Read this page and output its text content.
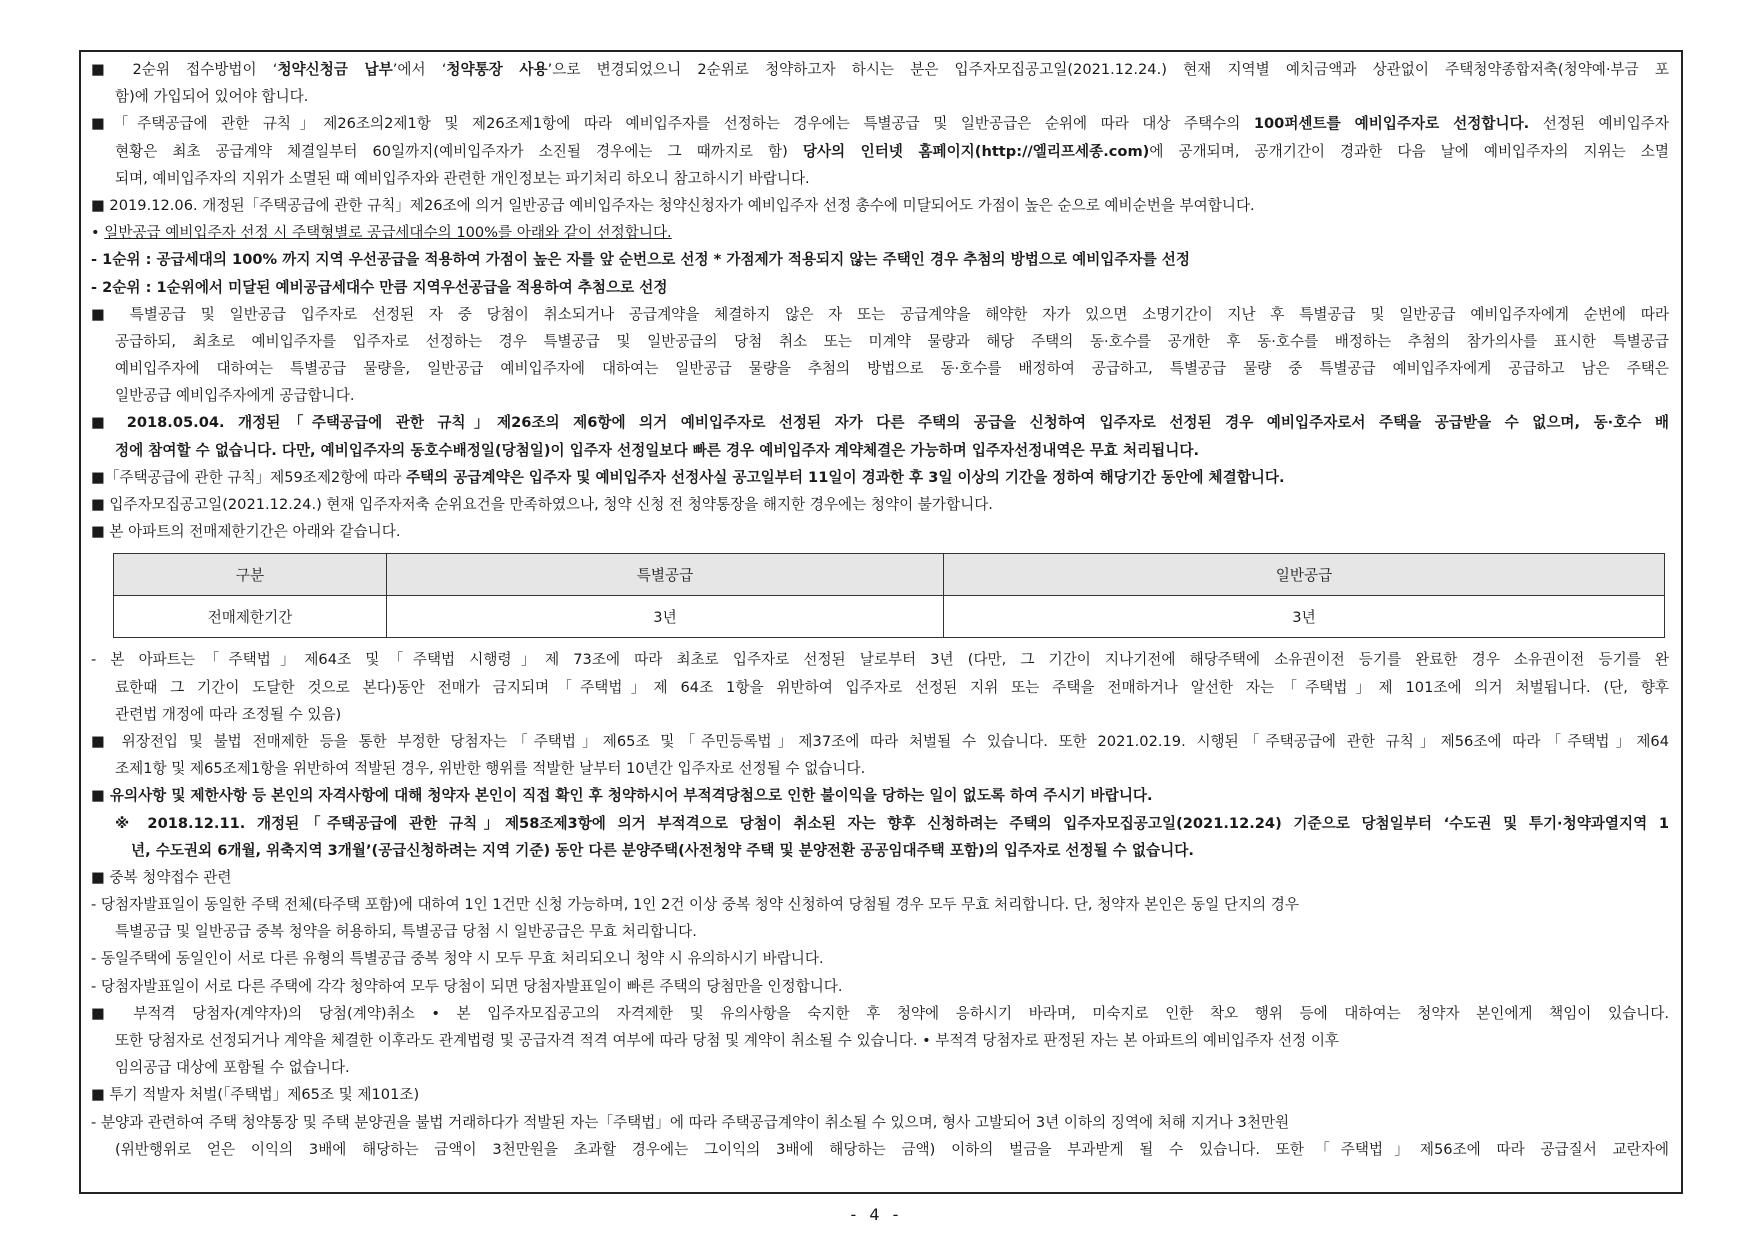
■ 2순위 접수방법이 ‘청약신청금 납부’에서 ‘청약통장 사용’으로 변경되었으니 2순위로 청약하고자 하시는 분은 입주자모집공고일(2021.12.24.) 현재 지역별 예치금액과 상관없이 주택청약종합저축(청약예·부금 포
함)에 가입되어 있어야 합니다.
■「주택공급에 관한 규칙」제26조의2제1항 및 제26조제1항에 따라 예비입주자를 선정하는 경우에는 특별공급 및 일반공급은 순위에 따라 대상 주택수의 100퍼센트를 예비입주자로 선정합니다. 선정된 예비입주자
현황은 최초 공급계약 체결일부터 60일까지(예비입주자가 소진될 경우에는 그 때까지로 함) 당사의 인터넷 홈페이지(http://엘리프세종.com)에 공개되며, 공개기간이 경과한 다음 날에 예비입주자의 지위는 소멸
되며, 예비입주자의 지위가 소멸된 때 예비입주자와 관련한 개인정보는 파기처리 하오니 참고하시기 바랍니다.
■ 2019.12.06. 개정된「주택공급에 관한 규칙」제26조에 의거 일반공급 예비입주자는 청약신청자가 예비입주자 선정 총수에 미달되어도 가점이 높은 순으로 예비순번을 부여합니다.
• 일반공급 예비입주자 선정 시 주택형별로 공급세대수의 100%를 아래와 같이 선정합니다.
- 1순위 : 공급세대의 100% 까지 지역 우선공급을 적용하여 가점이 높은 자를 앞 순번으로 선정 * 가점제가 적용되지 않는 주택인 경우 추첨의 방법으로 예비입주자를 선정
- 2순위 : 1순위에서 미달된 예비공급세대수 만큼 지역우선공급을 적용하여 추첨으로 선정
■ 특별공급 및 일반공급 입주자로 선정된 자 중 당첨이 취소되거나 공급계약을 체결하지 않은 자 또는 공급계약을 해약한 자가 있으면 소명기간이 지난 후 특별공급 및 일반공급 예비입주자에게 순번에 따라
공급하되, 최초로 예비입주자를 입주자로 선정하는 경우 특별공급 및 일반공급의 당첨 취소 또는 미계약 물량과 해당 주택의 동·호수를 공개한 후 동·호수를 배정하는 추첨의 참가의사를 표시한 특별공급
예비입주자에 대하여는 특별공급 물량을, 일반공급 예비입주자에 대하여는 일반공급 물량을 추첨의 방법으로 동·호수를 배정하여 공급하고, 특별공급 물량 중 특별공급 예비입주자에게 공급하고 남은 주택은
일반공급 예비입주자에게 공급합니다.
■ 2018.05.04. 개정된「주택공급에 관한 규칙」제26조의 제6항에 의거 예비입주자로 선정된 자가 다른 주택의 공급을 신청하여 입주자로 선정된 경우 예비입주자로서 주택을 공급받을 수 없으며, 동·호수 배
정에 참여할 수 없습니다. 다만, 예비입주자의 동호수배정일(당첨일)이 입주자 선정일보다 빠른 경우 예비입주자 계약체결은 가능하며 입주자선정내역은 무효 처리됩니다.
■「주택공급에 관한 규칙」제59조제2항에 따라 주택의 공급계약은 입주자 및 예비입주자 선정사실 공고일부터 11일이 경과한 후 3일 이상의 기간을 정하여 해당기간 동안에 체결합니다.
■ 입주자모집공고일(2021.12.24.) 현재 입주자저축 순위요건을 만족하였으나, 청약 신청 전 청약통장을 해지한 경우에는 청약이 불가합니다.
■ 본 아파트의 전매제한기간은 아래와 같습니다.
구분	특별공급	일반공급
전매제한기간	3년	3년
- 본 아파트는「주택법」제64조 및「주택법 시행령」제 73조에 따라 최초로 입주자로 선정된 날로부터 3년 (다만, 그 기간이 지나기전에 해당주택에 소유권이전 등기를 완료한 경우 소유권이전 등기를 완
료한때 그 기간이 도달한 것으로 본다)동안 전매가 금지되며「주택법」제 64조 1항을 위반하여 입주자로 선정된 지위 또는 주택을 전매하거나 알선한 자는「주택법」제 101조에 의거 처벌됩니다. (단, 향후
관련법 개정에 따라 조정될 수 있음)
■ 위장전입 및 불법 전매제한 등을 통한 부정한 당첨자는「주택법」제65조 및「주민등록법」제37조에 따라 처벌될 수 있습니다. 또한 2021.02.19. 시행된「주택공급에 관한 규칙」제56조에 따라「주택법」제64
조제1항 및 제65조제1항을 위반하여 적발된 경우, 위반한 행위를 적발한 날부터 10년간 입주자로 선정될 수 없습니다.
■ 유의사항 및 제한사항 등 본인의 자격사항에 대해 청약자 본인이 직접 확인 후 청약하시어 부적격당첨으로 인한 불이익을 당하는 일이 없도록 하여 주시기 바랍니다.
※ 2018.12.11. 개정된「주택공급에 관한 규칙」제58조제3항에 의거 부적격으로 당첨이 취소된 자는 향후 신청하려는 주택의 입주자모집공고일(2021.12.24) 기준으로 당첨일부터 ‘수도권 및 투기·청약과열지역 1
년, 수도권외 6개월, 위축지역 3개월’(공급신청하려는 지역 기준) 동안 다른 분양주택(사전청약 주택 및 분양전환 공공임대주택 포함)의 입주자로 선정될 수 없습니다.
■ 중복 청약접수 관련
- 당첨자발표일이 동일한 주택 전체(타주택 포함)에 대하여 1인 1건만 신청 가능하며, 1인 2건 이상 중복 청약 신청하여 당첨될 경우 모두 무효 처리합니다. 단, 청약자 본인은 동일 단지의 경우
특별공급 및 일반공급 중복 청약을 허용하되, 특별공급 당첨 시 일반공급은 무효 처리합니다.
- 동일주택에 동일인이 서로 다른 유형의 특별공급 중복 청약 시 모두 무효 처리되오니 청약 시 유의하시기 바랍니다.
- 당첨자발표일이 서로 다른 주택에 각각 청약하여 모두 당첨이 되면 당첨자발표일이 빠른 주택의 당첨만을 인정합니다.
■ 부적격 당첨자(계약자)의 당첨(계약)취소 • 본 입주자모집공고의 자격제한 및 유의사항을 숙지한 후 청약에 응하시기 바라며, 미숙지로 인한 착오 행위 등에 대하여는 청약자 본인에게 책임이 있습니다.
또한 당첨자로 선정되거나 계약을 체결한 이후라도 관계법령 및 공급자격 적격 여부에 따라 당첨 및 계약이 취소될 수 있습니다. • 부적격 당첨자로 판정된 자는 본 아파트의 예비입주자 선정 이후
임의공급 대상에 포함될 수 없습니다.
■ 투기 적발자 처벌(「주택법」제65조 및 제101조)
- 분양과 관련하여 주택 청약통장 및 주택 분양권을 불법 거래하다가 적발된 자는「주택법」에 따라 주택공급계약이 취소될 수 있으며, 형사 고발되어 3년 이하의 징역에 처해 지거나 3천만원
(위반행위로 얻은 이익의 3배에 해당하는 금액이 3천만원을 초과할 경우에는 그이익의 3배에 해당하는 금액) 이하의 벌금을 부과받게 될 수 있습니다. 또한「주택법」제56조에 따라 공급질서 교란자에
- 4 -
